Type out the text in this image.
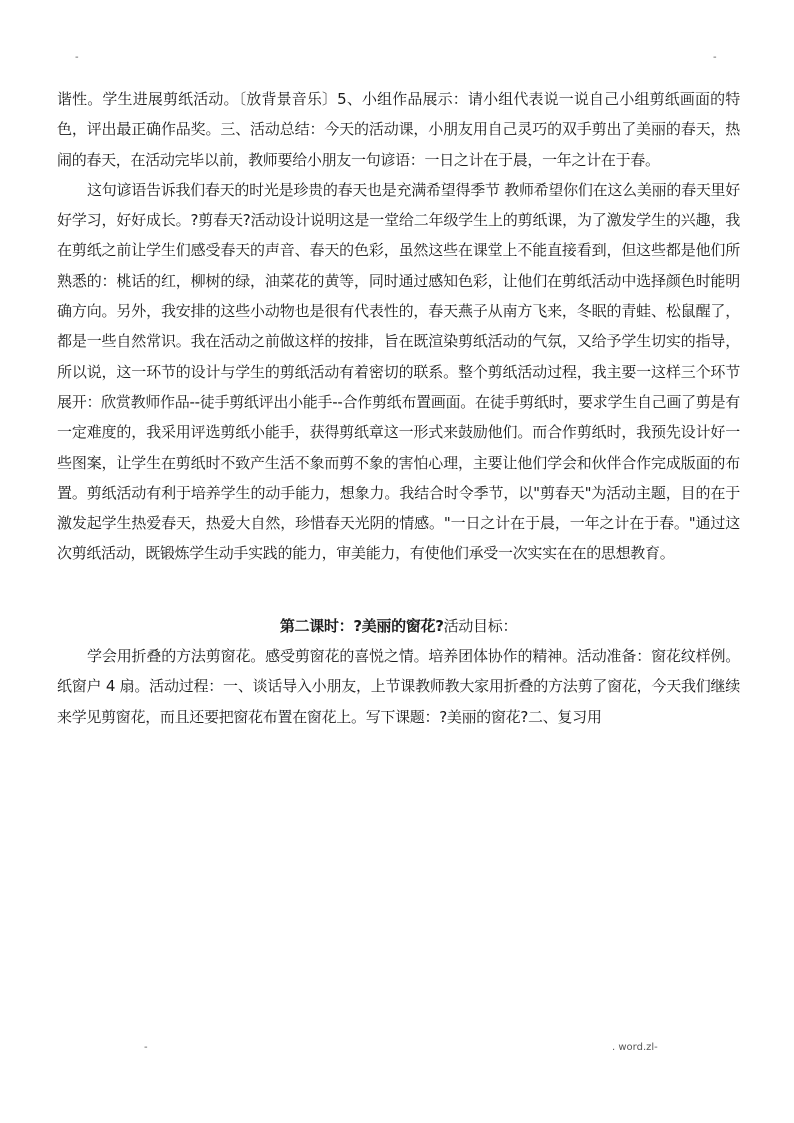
-	-

谐性。学生进展剪纸活动。〔放背景音乐〕5、小组作品展示：请小组代表说一说自己小组剪纸画面的特色，评出最正确作品奖。三、活动总结：今天的活动课，小朋友用自己灵巧的双手剪出了美丽的春天，热闹的春天，在活动完毕以前，教师要给小朋友一句谚语：一日之计在于晨，一年之计在于春。

这句谚语告诉我们春天的时光是珍贵的春天也是充满希望得季节 教师希望你们在这么美丽的春天里好好学习，好好成长。?剪春天?活动设计说明这是一堂给二年级学生上的剪纸课，为了激发学生的兴趣，我在剪纸之前让学生们感受春天的声音、春天的色彩，虽然这些在课堂上不能直接看到，但这些都是他们所熟悉的：桃话的红，柳树的绿，油菜花的黄等，同时通过感知色彩，让他们在剪纸活动中选择颜色时能明确方向。另外，我安排的这些小动物也是很有代表性的，春天燕子从南方飞来，冬眠的青蛙、松鼠醒了，都是一些自然常识。我在活动之前做这样的按排，旨在既渲染剪纸活动的气氛，又给予学生切实的指导，所以说，这一环节的设计与学生的剪纸活动有着密切的联系。整个剪纸活动过程，我主要一这样三个环节展开：欣赏教师作品--徒手剪纸评出小能手--合作剪纸布置画面。在徒手剪纸时，要求学生自己画了剪是有一定难度的，我采用评选剪纸小能手，获得剪纸章这一形式来鼓励他们。而合作剪纸时，我预先设计好一些图案，让学生在剪纸时不致产生活不象而剪不象的害怕心理，主要让他们学会和伙伴合作完成版面的布置。剪纸活动有利于培养学生的动手能力，想象力。我结合时令季节，以"剪春天"为活动主题，目的在于激发起学生热爱春天，热爱大自然，珍惜春天光阴的情感。"一日之计在于晨，一年之计在于春。"通过这次剪纸活动，既锻炼学生动手实践的能力，审美能力，有使他们承受一次实实在在的思想教育。

第二课时：?美丽的窗花?活动目标：

学会用折叠的方法剪窗花。感受剪窗花的喜悦之情。培养团体协作的精神。活动准备：窗花纹样例。纸窗户 4 扇。活动过程：一、谈话导入小朋友，上节课教师教大家用折叠的方法剪了窗花，今天我们继续来学见剪窗花，而且还要把窗花布置在窗花上。写下课题：?美丽的窗花?二、复习用

-	. word.zl-
